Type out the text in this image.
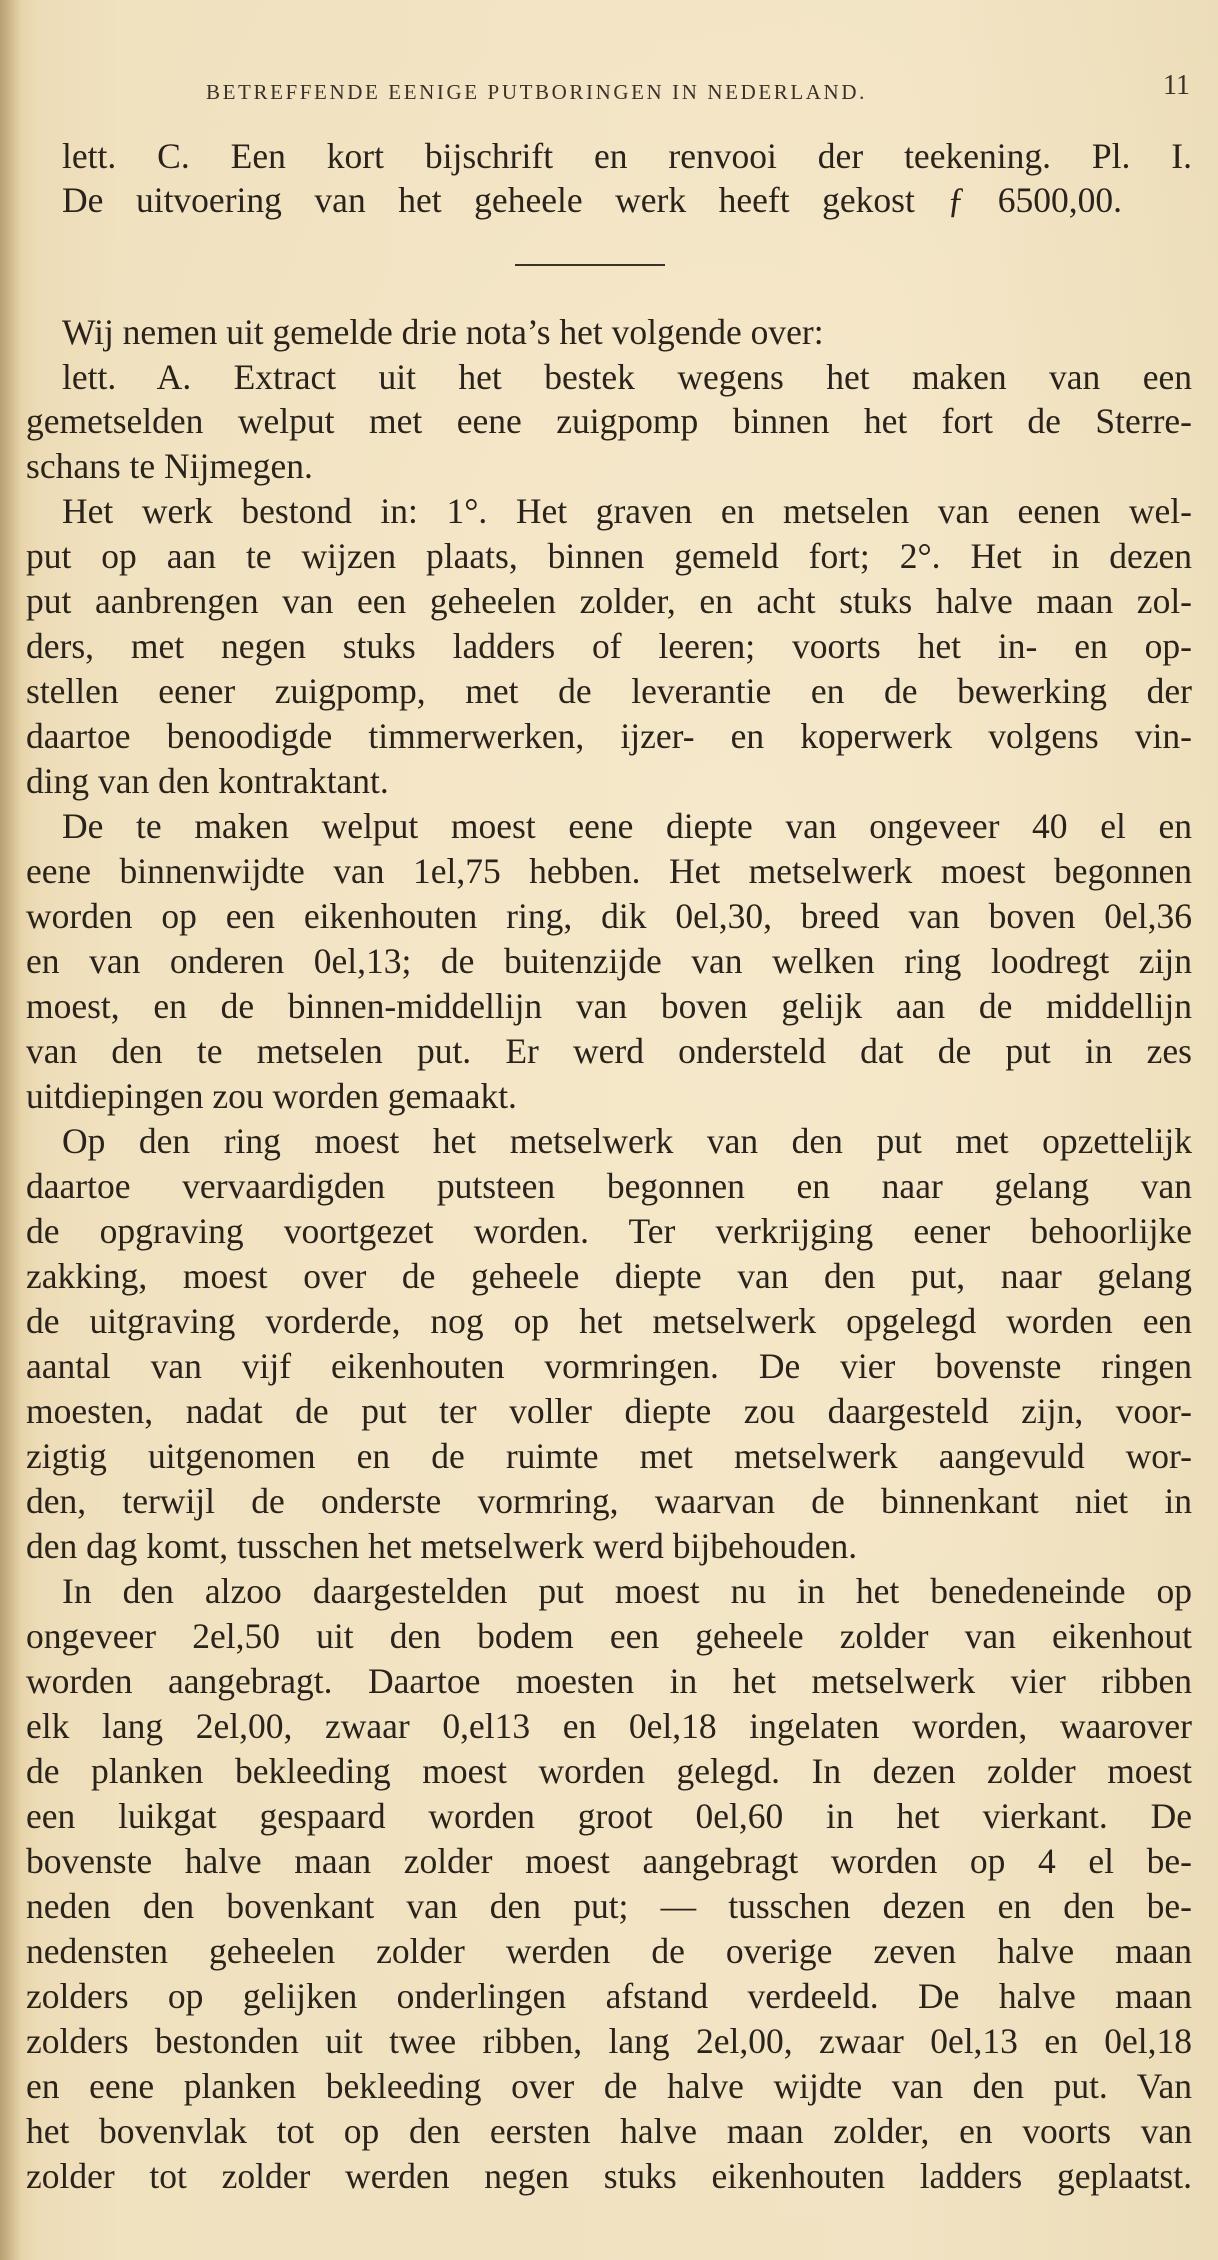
BETREFFENDE EENIGE PUTBORINGEN IN NEDERLAND.	11
lett. C. Een kort bijschrift en renvooi der teekening. Pl. I.
De uitvoering van het geheele werk heeft gekost ƒ 6500,00.
Wij nemen uit gemelde drie nota’s het volgende over:
lett. A. Extract uit het bestek wegens het maken van een
gemetselden welput met eene zuigpomp binnen het fort de Sterre-
schans te Nijmegen.
Het werk bestond in: 1°. Het graven en metselen van eenen wel-
put op aan te wijzen plaats, binnen gemeld fort; 2°. Het in dezen
put aanbrengen van een geheelen zolder, en acht stuks halve maan zol-
ders, met negen stuks ladders of leeren; voorts het in- en op-
stellen eener zuigpomp, met de leverantie en de bewerking der
daartoe benoodigde timmerwerken, ijzer- en koperwerk volgens vin-
ding van den kontraktant.
De te maken welput moest eene diepte van ongeveer 40 el en
eene binnenwijdte van 1el,75 hebben. Het metselwerk moest begonnen
worden op een eikenhouten ring, dik 0el,30, breed van boven 0el,36
en van onderen 0el,13; de buitenzijde van welken ring loodregt zijn
moest, en de binnen-middellijn van boven gelijk aan de middellijn
van den te metselen put. Er werd ondersteld dat de put in zes
uitdiepingen zou worden gemaakt.
Op den ring moest het metselwerk van den put met opzettelijk
daartoe vervaardigden putsteen begonnen en naar gelang van
de opgraving voortgezet worden. Ter verkrijging eener behoorlijke
zakking, moest over de geheele diepte van den put, naar gelang
de uitgraving vorderde, nog op het metselwerk opgelegd worden een
aantal van vijf eikenhouten vormringen. De vier bovenste ringen
moesten, nadat de put ter voller diepte zou daargesteld zijn, voor-
zigtig uitgenomen en de ruimte met metselwerk aangevuld wor-
den, terwijl de onderste vormring, waarvan de binnenkant niet in
den dag komt, tusschen het metselwerk werd bijbehouden.
In den alzoo daargestelden put moest nu in het benedeneinde op
ongeveer 2el,50 uit den bodem een geheele zolder van eikenhout
worden aangebragt. Daartoe moesten in het metselwerk vier ribben
elk lang 2el,00, zwaar 0,el13 en 0el,18 ingelaten worden, waarover
de planken bekleeding moest worden gelegd. In dezen zolder moest
een luikgat gespaard worden groot 0el,60 in het vierkant. De
bovenste halve maan zolder moest aangebragt worden op 4 el be-
neden den bovenkant van den put; — tusschen dezen en den be-
nedensten geheelen zolder werden de overige zeven halve maan
zolders op gelijken onderlingen afstand verdeeld. De halve maan
zolders bestonden uit twee ribben, lang 2el,00, zwaar 0el,13 en 0el,18
en eene planken bekleeding over de halve wijdte van den put. Van
het bovenvlak tot op den eersten halve maan zolder, en voorts van
zolder tot zolder werden negen stuks eikenhouten ladders geplaatst.
